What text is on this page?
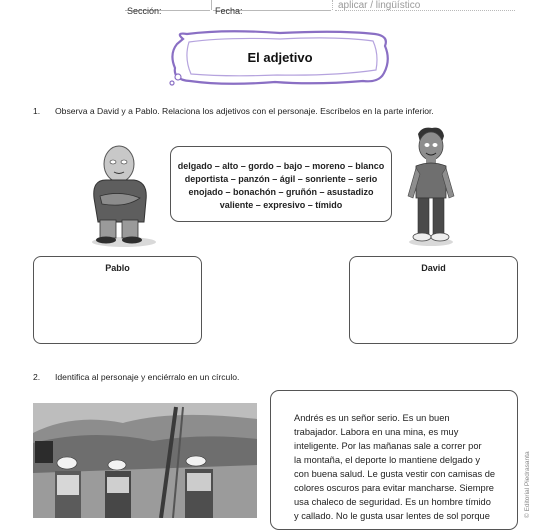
Sección:	Fecha:	aplicar / lingüístico
El adjetivo
1. Observa a David y a Pablo. Relaciona los adjetivos con el personaje. Escríbelos en la parte inferior.
delgado – alto – gordo – bajo – moreno – blanco
deportista – panzón – ágil – sonriente – serio
enojado – bonachón – gruñón – asustadizo
valiente – expresivo – tímido
Pablo	David
2. Identifica al personaje y enciérralo en un círculo.
Andrés es un señor serio. Es un buen
trabajador. Labora en una mina, es muy
inteligente. Por las mañanas sale a correr por
la montaña, el deporte lo mantiene delgado y
con buena salud. Le gusta vestir con camisas de
colores oscuros para evitar mancharse. Siempre
usa chaleco de seguridad. Es un hombre tímido
y callado. No le gusta usar lentes de sol porque	© Editorial Piedrasanta
